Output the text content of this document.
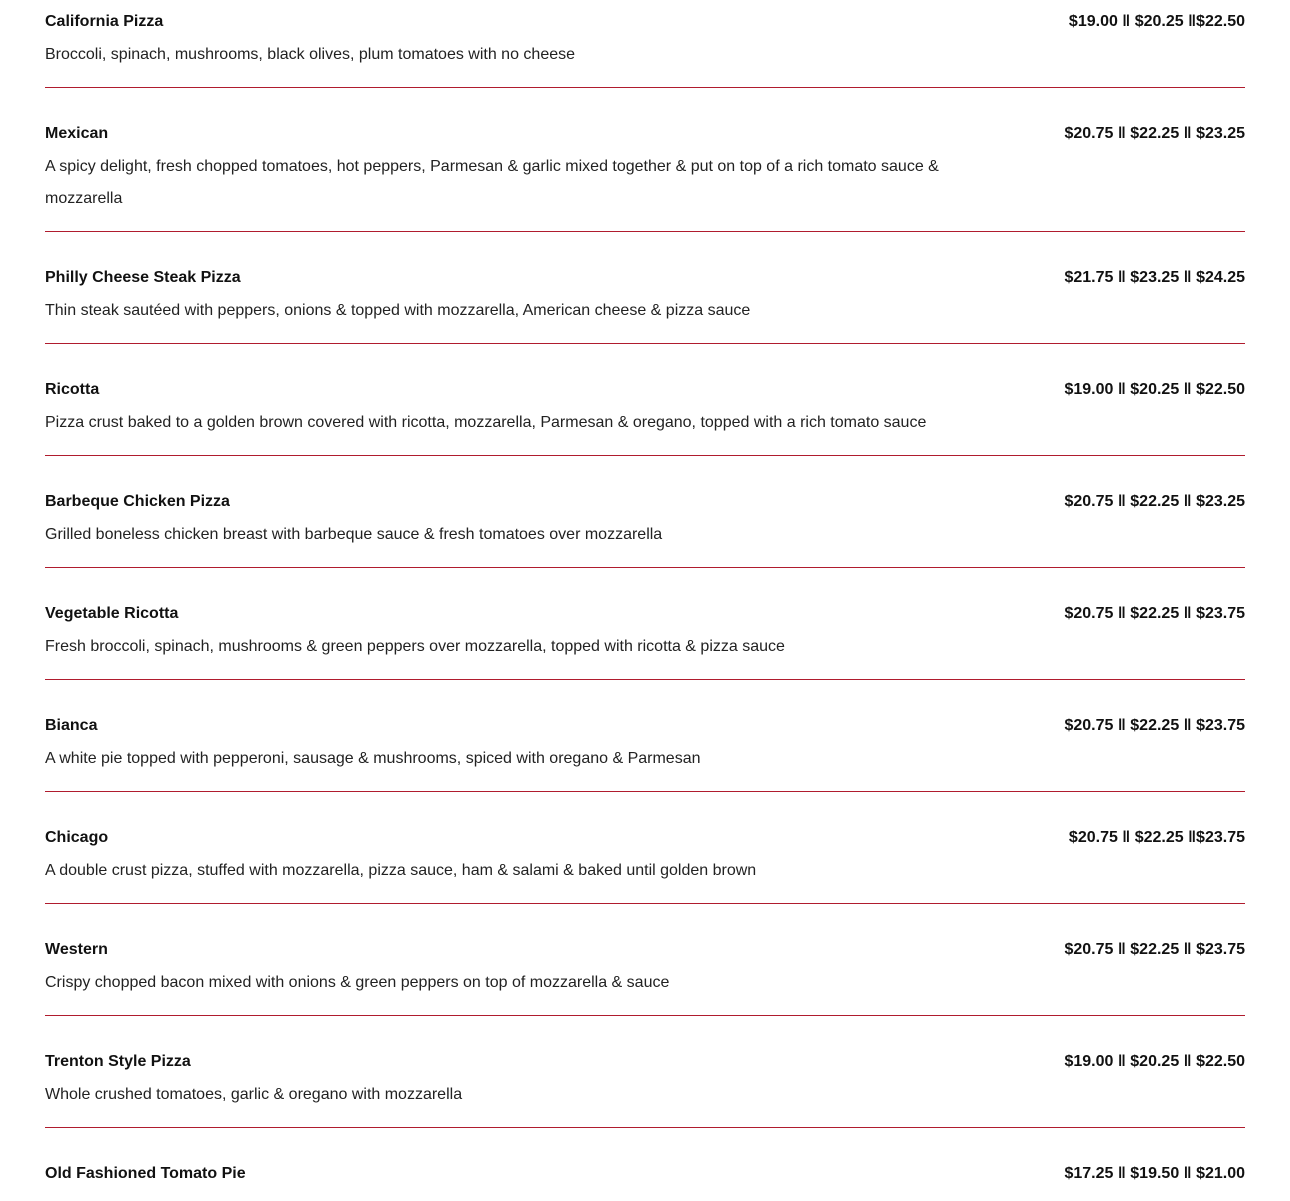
California Pizza	$19.00 ‖ $20.25 ‖$22.50
Broccoli, spinach, mushrooms, black olives, plum tomatoes with no cheese
Mexican	$20.75 ‖ $22.25 ‖ $23.25
A spicy delight, fresh chopped tomatoes, hot peppers, Parmesan & garlic mixed together & put on top of a rich tomato sauce & mozzarella
Philly Cheese Steak Pizza	$21.75 ‖ $23.25 ‖ $24.25
Thin steak sautéed with peppers, onions & topped with mozzarella, American cheese & pizza sauce
Ricotta	$19.00 ‖ $20.25 ‖ $22.50
Pizza crust baked to a golden brown covered with ricotta, mozzarella, Parmesan & oregano, topped with a rich tomato sauce
Barbeque Chicken Pizza	$20.75 ‖ $22.25 ‖ $23.25
Grilled boneless chicken breast with barbeque sauce & fresh tomatoes over mozzarella
Vegetable Ricotta	$20.75 ‖ $22.25 ‖ $23.75
Fresh broccoli, spinach, mushrooms & green peppers over mozzarella, topped with ricotta & pizza sauce
Bianca	$20.75 ‖ $22.25 ‖ $23.75
A white pie topped with pepperoni, sausage & mushrooms, spiced with oregano & Parmesan
Chicago	$20.75 ‖ $22.25 ‖$23.75
A double crust pizza, stuffed with mozzarella, pizza sauce, ham & salami & baked until golden brown
Western	$20.75 ‖ $22.25 ‖ $23.75
Crispy chopped bacon mixed with onions & green peppers on top of mozzarella & sauce
Trenton Style Pizza	$19.00 ‖ $20.25 ‖ $22.50
Whole crushed tomatoes, garlic & oregano with mozzarella
Old Fashioned Tomato Pie	$17.25 ‖ $19.50 ‖ $21.00
